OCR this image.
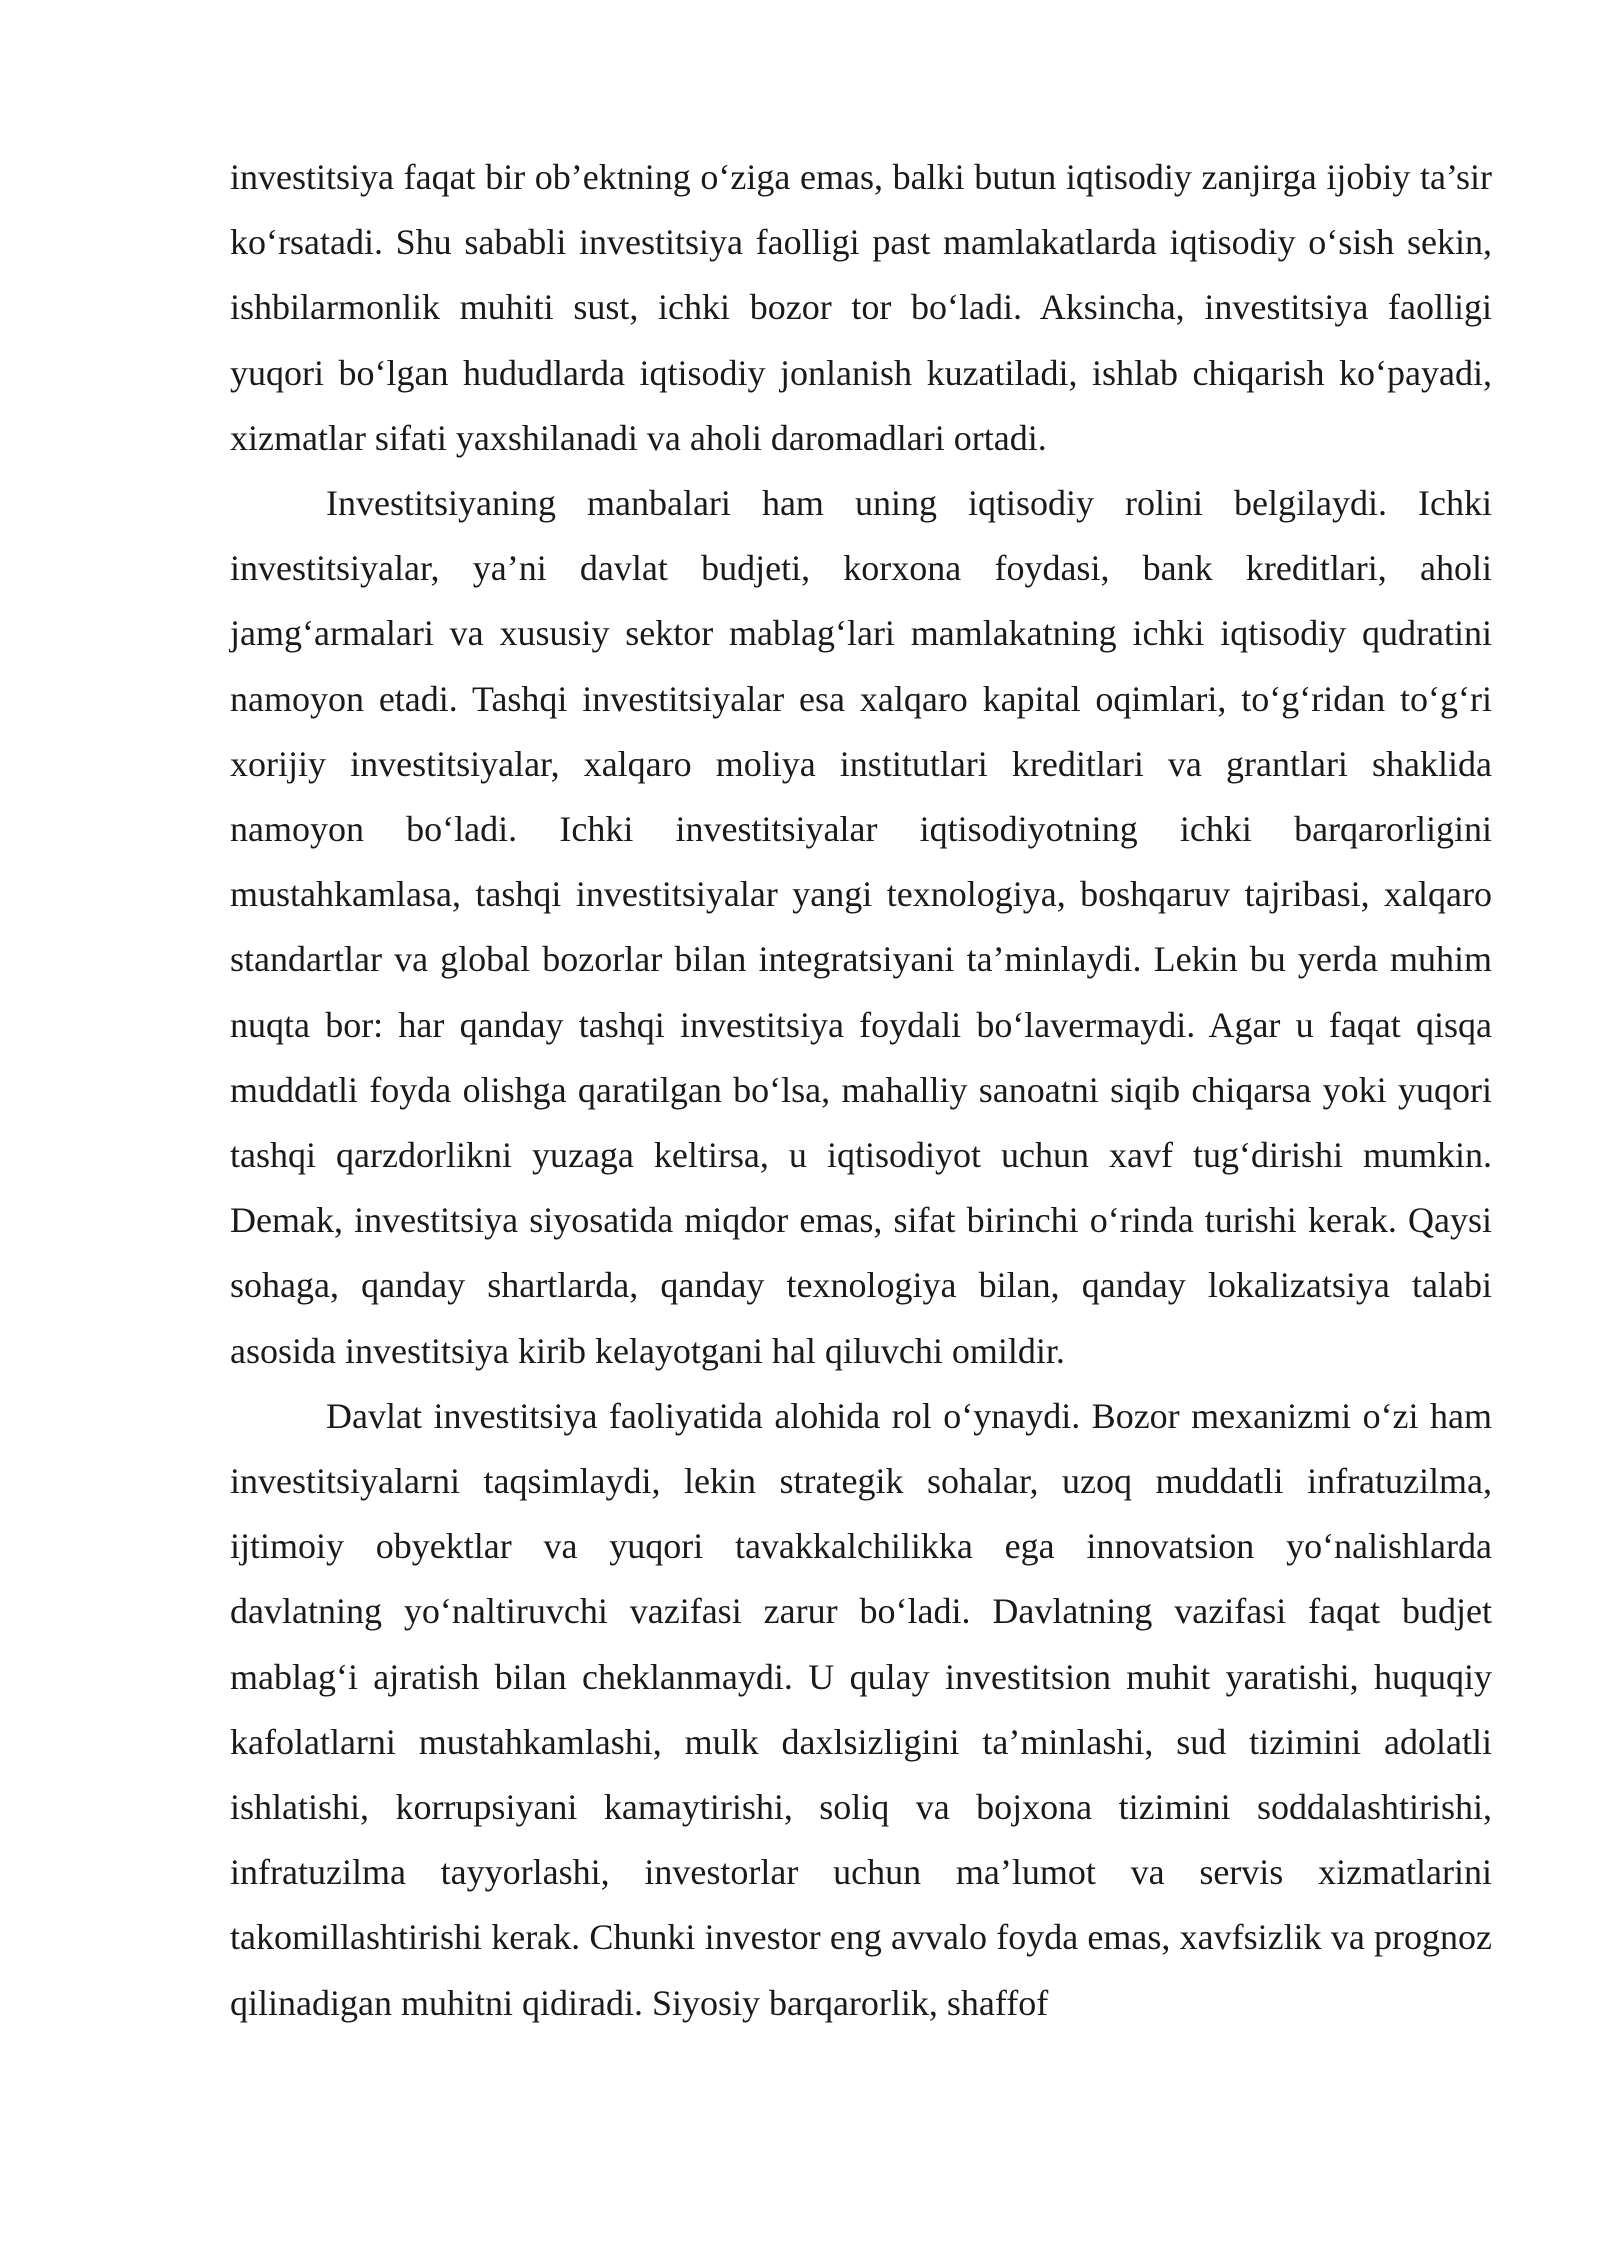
investitsiya faqat bir ob’ektning o‘ziga emas, balki butun iqtisodiy zanjirga ijobiy ta’sir ko‘rsatadi. Shu sababli investitsiya faolligi past mamlakatlarda iqtisodiy o‘sish sekin, ishbilarmonlik muhiti sust, ichki bozor tor bo‘ladi. Aksincha, investitsiya faolligi yuqori bo‘lgan hududlarda iqtisodiy jonlanish kuzatiladi, ishlab chiqarish ko‘payadi, xizmatlar sifati yaxshilanadi va aholi daromadlari ortadi.

Investitsiyaning manbalari ham uning iqtisodiy rolini belgilaydi. Ichki investitsiyalar, ya’ni davlat budjeti, korxona foydasi, bank kreditlari, aholi jamg‘armalari va xususiy sektor mablag‘lari mamlakatning ichki iqtisodiy qudratini namoyon etadi. Tashqi investitsiyalar esa xalqaro kapital oqimlari, to‘g‘ridan to‘g‘ri xorijiy investitsiyalar, xalqaro moliya institutlari kreditlari va grantlari shaklida namoyon bo‘ladi. Ichki investitsiyalar iqtisodiyotning ichki barqarorligini mustahkamlasa, tashqi investitsiyalar yangi texnologiya, boshqaruv tajribasi, xalqaro standartlar va global bozorlar bilan integratsiyani ta’minlaydi. Lekin bu yerda muhim nuqta bor: har qanday tashqi investitsiya foydali bo‘lavermaydi. Agar u faqat qisqa muddatli foyda olishga qaratilgan bo‘lsa, mahalliy sanoatni siqib chiqarsa yoki yuqori tashqi qarzdorlikni yuzaga keltirsa, u iqtisodiyot uchun xavf tug‘dirishi mumkin. Demak, investitsiya siyosatida miqdor emas, sifat birinchi o‘rinda turishi kerak. Qaysi sohaga, qanday shartlarda, qanday texnologiya bilan, qanday lokalizatsiya talabi asosida investitsiya kirib kelayotgani hal qiluvchi omildir.

Davlat investitsiya faoliyatida alohida rol o‘ynaydi. Bozor mexanizmi o‘zi ham investitsiyalarni taqsimlaydi, lekin strategik sohalar, uzoq muddatli infratuzilma, ijtimoiy obyektlar va yuqori tavakkalchilikka ega innovatsion yo‘nalishlarda davlatning yo‘naltiruvchi vazifasi zarur bo‘ladi. Davlatning vazifasi faqat budjet mablag‘i ajratish bilan cheklanmaydi. U qulay investitsion muhit yaratishi, huquqiy kafolatlarni mustahkamlashi, mulk daxlsizligini ta’minlashi, sud tizimini adolatli ishlatishi, korrupsiyani kamaytirishi, soliq va bojxona tizimini soddalashtirishi, infratuzilma tayyorlashi, investorlar uchun ma’lumot va servis xizmatlarini takomillashtirishi kerak. Chunki investor eng avvalo foyda emas, xavfsizlik va prognoz qilinadigan muhitni qidiradi. Siyosiy barqarorlik, shaffof
